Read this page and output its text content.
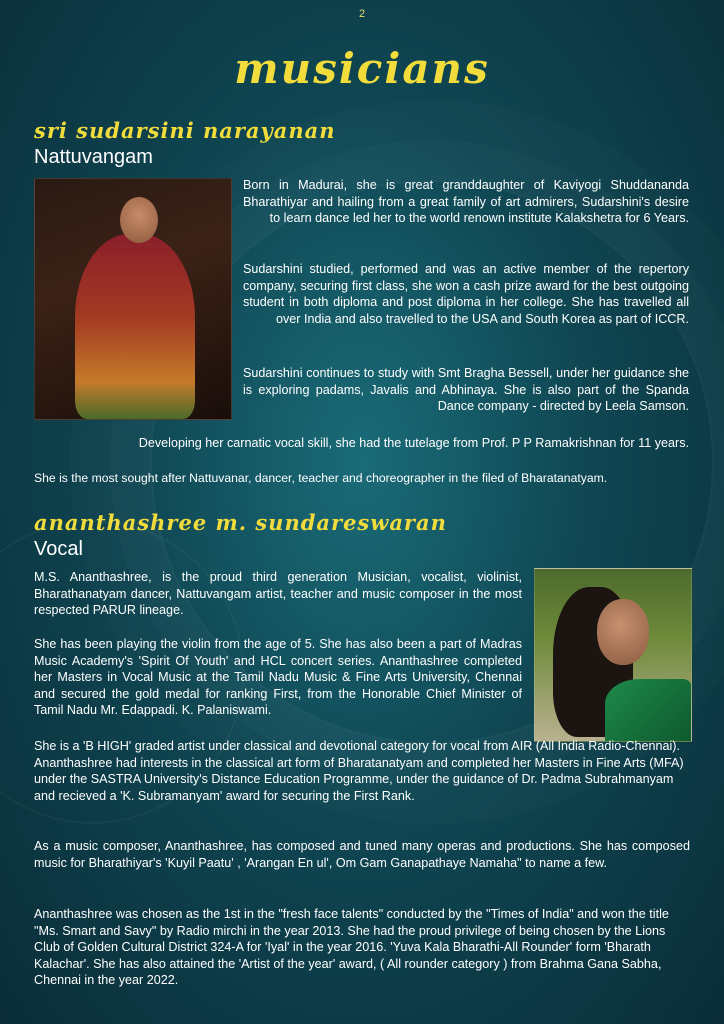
2
musicians
sri sudarsini narayanan
Nattuvangam

Born in Madurai, she is great granddaughter of Kaviyogi Shuddananda Bharathiyar and hailing from a great family of art admirers, Sudarshini's desire to learn dance led her to the world renown institute Kalakshetra for 6 Years.

Sudarshini studied, performed and was an active member of the repertory company, securing first class, she won a cash prize award for the best outgoing student in both diploma and post diploma in her college. She has travelled all over India and also travelled to the USA and South Korea as part of ICCR.

Sudarshini continues to study with Smt Bragha Bessell, under her guidance she is exploring padams, Javalis and Abhinaya. She is also part of the Spanda Dance company - directed by Leela Samson.

Developing her carnatic vocal skill, she had the tutelage from Prof. P P Ramakrishnan for 11 years.

She is the most sought after Nattuvanar, dancer, teacher and choreographer in the filed of Bharatanatyam.

ananthashree m. sundareswaran
Vocal

M.S. Ananthashree, is the proud third generation Musician, vocalist, violinist, Bharathanatyam dancer, Nattuvangam artist, teacher and music composer in the most respected PARUR lineage.

She has been playing the violin from the age of 5. She has also been a part of Madras Music Academy's 'Spirit Of Youth' and HCL concert series. Ananthashree completed her Masters in Vocal Music at the Tamil Nadu Music & Fine Arts University, Chennai and secured the gold medal for ranking First, from the Honorable Chief Minister of Tamil Nadu Mr. Edappadi. K. Palaniswami.

She is a 'B HIGH' graded artist under classical and devotional category for vocal from AIR (All India Radio-Chennai). Ananthashree had interests in the classical art form of Bharatanatyam and completed her Masters in Fine Arts (MFA) under the SASTRA University's Distance Education Programme, under the guidance of Dr. Padma Subrahmanyam and recieved a 'K. Subramanyam' award for securing the First Rank.

As a music composer, Ananthashree, has composed and tuned many operas and productions. She has composed music for Bharathiyar's 'Kuyil Paatu' , 'Arangan En ul', Om Gam Ganapathaye Namaha" to name a few.

Ananthashree was chosen as the 1st in the "fresh face talents" conducted by the "Times of India" and won the title "Ms. Smart and Savy" by Radio mirchi in the year 2013. She had the proud privilege of being chosen by the Lions Club of Golden Cultural District 324-A for 'Iyal' in the year 2016. 'Yuva Kala Bharathi-All Rounder' form 'Bharath Kalachar'. She has also attained the 'Artist of the year' award, ( All rounder category ) from Brahma Gana Sabha, Chennai in the year 2022.
